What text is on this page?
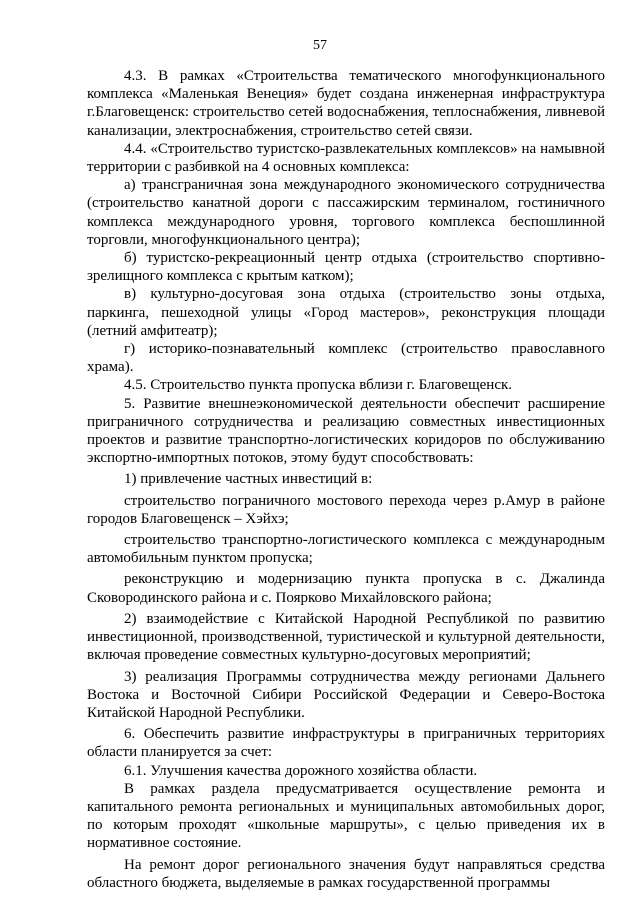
57

4.3. В рамках «Строительства тематического многофункционального комплекса «Маленькая Венеция» будет создана инженерная инфраструктура г.Благовещенск: строительство сетей водоснабжения, теплоснабжения, ливневой канализации, электроснабжения, строительство сетей связи.

4.4. «Строительство туристско-развлекательных комплексов» на намывной территории с разбивкой на 4 основных комплекса:

а) трансграничная зона международного экономического сотрудничества (строительство канатной дороги с пассажирским терминалом, гостиничного комплекса международного уровня, торгового комплекса беспошлинной торговли, многофункционального центра);

б) туристско-рекреационный центр отдыха (строительство спортивно-зрелищного комплекса с крытым катком);

в) культурно-досуговая зона отдыха (строительство зоны отдыха, паркинга, пешеходной улицы «Город мастеров», реконструкция площади (летний амфитеатр);

г) историко-познавательный комплекс (строительство православного храма).

4.5. Строительство пункта пропуска вблизи г. Благовещенск.

5. Развитие внешнеэкономической деятельности обеспечит расширение приграничного сотрудничества и реализацию совместных инвестиционных проектов и развитие транспортно-логистических коридоров по обслуживанию экспортно-импортных потоков, этому будут способствовать:

1) привлечение частных инвестиций в:

строительство пограничного мостового перехода через р.Амур в районе городов Благовещенск – Хэйхэ;

строительство транспортно-логистического комплекса с международным автомобильным пунктом пропуска;

реконструкцию и модернизацию пункта пропуска в с. Джалинда Сковородинского района и с. Поярково Михайловского района;

2) взаимодействие с Китайской Народной Республикой по развитию инвестиционной, производственной, туристической и культурной деятельности, включая проведение совместных культурно-досуговых мероприятий;

3) реализация Программы сотрудничества между регионами Дальнего Востока и Восточной Сибири Российской Федерации и Северо-Востока Китайской Народной Республики.

6. Обеспечить развитие инфраструктуры в приграничных территориях области планируется за счет:

6.1. Улучшения качества дорожного хозяйства области.

В рамках раздела предусматривается осуществление ремонта и капитального ремонта региональных и муниципальных автомобильных дорог, по которым проходят «школьные маршруты», с целью приведения их в нормативное состояние.

На ремонт дорог регионального значения будут направляться средства областного бюджета, выделяемые в рамках государственной программы
